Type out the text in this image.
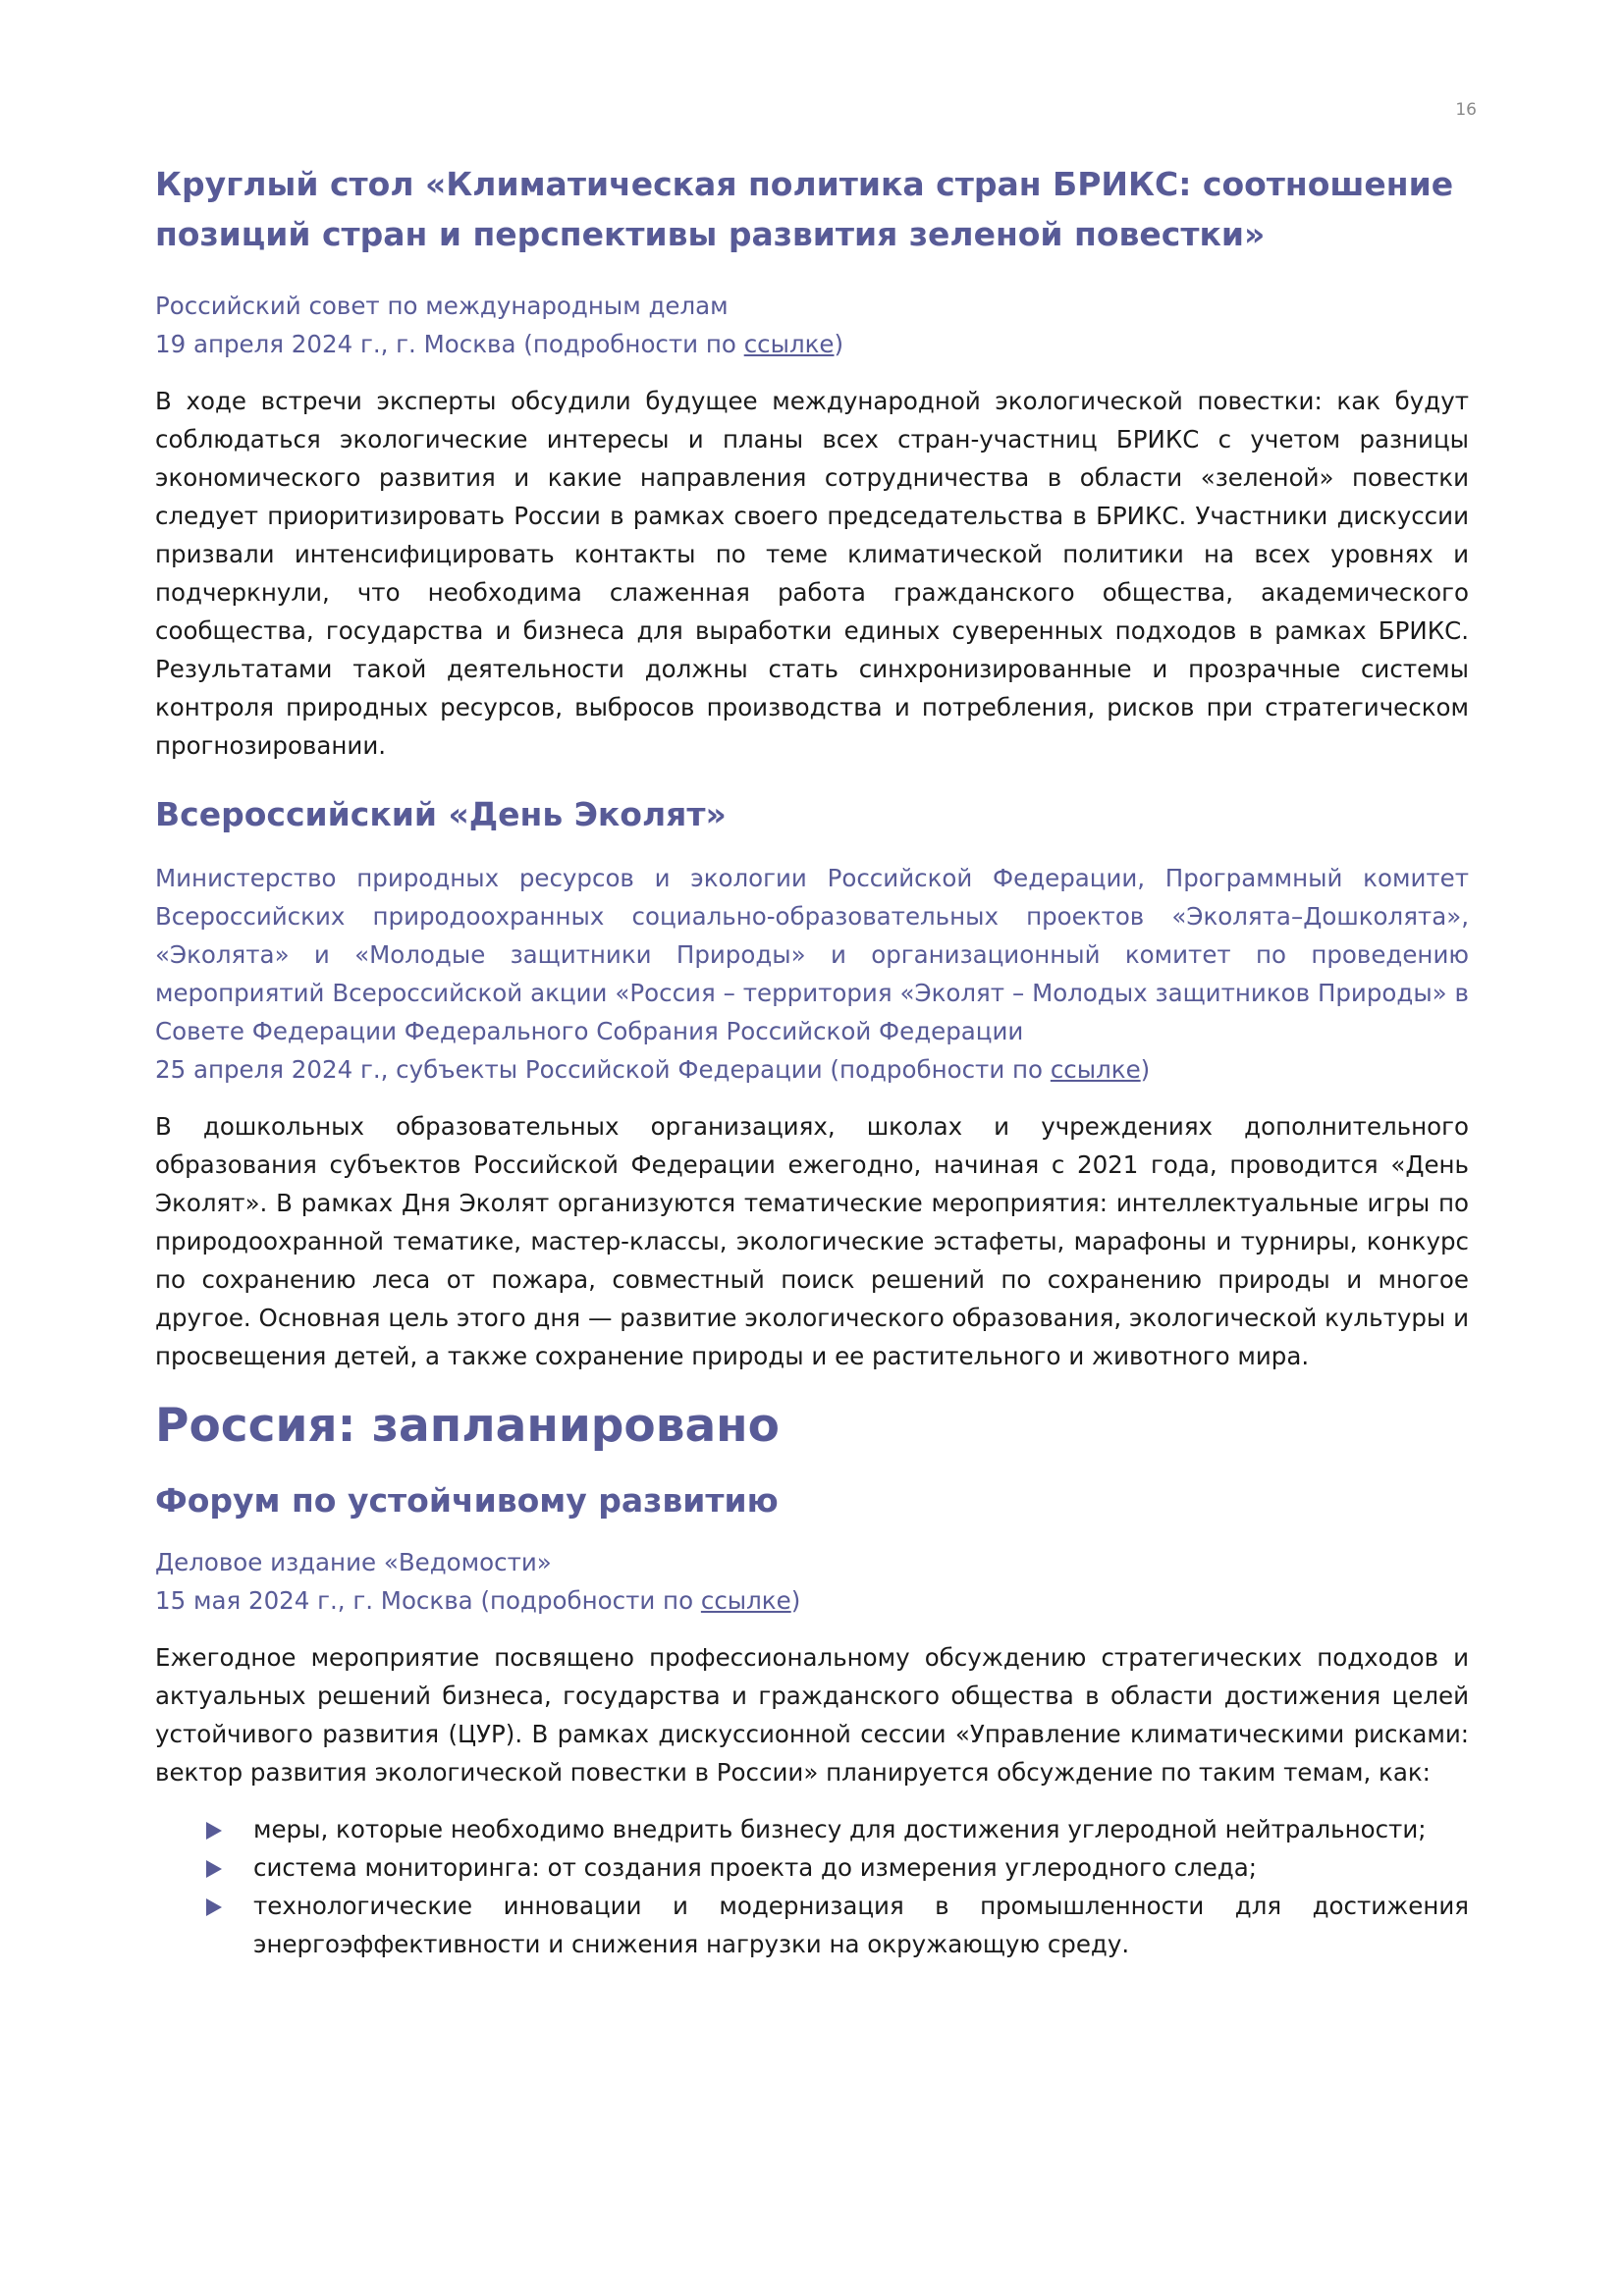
16
Круглый стол «Климатическая политика стран БРИКС: соотношение
позиций стран и перспективы развития зеленой повестки»
Российский совет по международным делам
19 апреля 2024 г., г. Москва (подробности по ссылке)

В ходе встречи эксперты обсудили будущее международной экологической повестки: как будут соблюдаться экологические интересы и планы всех стран-участниц БРИКС с учетом разницы экономического развития и какие направления сотрудничества в области «зеленой» повестки следует приоритизировать России в рамках своего председательства в БРИКС. Участники дискуссии призвали интенсифицировать контакты по теме климатической политики на всех уровнях и подчеркнули, что необходима слаженная работа гражданского общества, академического сообщества, государства и бизнеса для выработки единых суверенных подходов в рамках БРИКС. Результатами такой деятельности должны стать синхронизированные и прозрачные системы контроля природных ресурсов, выбросов производства и потребления, рисков при стратегическом прогнозировании.

Всероссийский «День Эколят»
Министерство природных ресурсов и экологии Российской Федерации, Программный комитет Всероссийских природоохранных социально-образовательных проектов «Эколята–Дошколята», «Эколята» и «Молодые защитники Природы» и организационный комитет по проведению мероприятий Всероссийской акции «Россия – территория «Эколят – Молодых защитников Природы» в Совете Федерации Федерального Собрания Российской Федерации
25 апреля 2024 г., субъекты Российской Федерации (подробности по ссылке)

В дошкольных образовательных организациях, школах и учреждениях дополнительного образования субъектов Российской Федерации ежегодно, начиная с 2021 года, проводится «День Эколят». В рамках Дня Эколят организуются тематические мероприятия: интеллектуальные игры по природоохранной тематике, мастер-классы, экологические эстафеты, марафоны и турниры, конкурс по сохранению леса от пожара, совместный поиск решений по сохранению природы и многое другое. Основная цель этого дня — развитие экологического образования, экологической культуры и просвещения детей, а также сохранение природы и ее растительного и животного мира.

Россия: запланировано
Форум по устойчивому развитию
Деловое издание «Ведомости»
15 мая 2024 г., г. Москва (подробности по ссылке)

Ежегодное мероприятие посвящено профессиональному обсуждению стратегических подходов и актуальных решений бизнеса, государства и гражданского общества в области достижения целей устойчивого развития (ЦУР). В рамках дискуссионной сессии «Управление климатическими рисками: вектор развития экологической повестки в России» планируется обсуждение по таким темам, как:

меры, которые необходимо внедрить бизнесу для достижения углеродной нейтральности;
система мониторинга: от создания проекта до измерения углеродного следа;
технологические инновации и модернизация в промышленности для достижения энергоэффективности и снижения нагрузки на окружающую среду.
